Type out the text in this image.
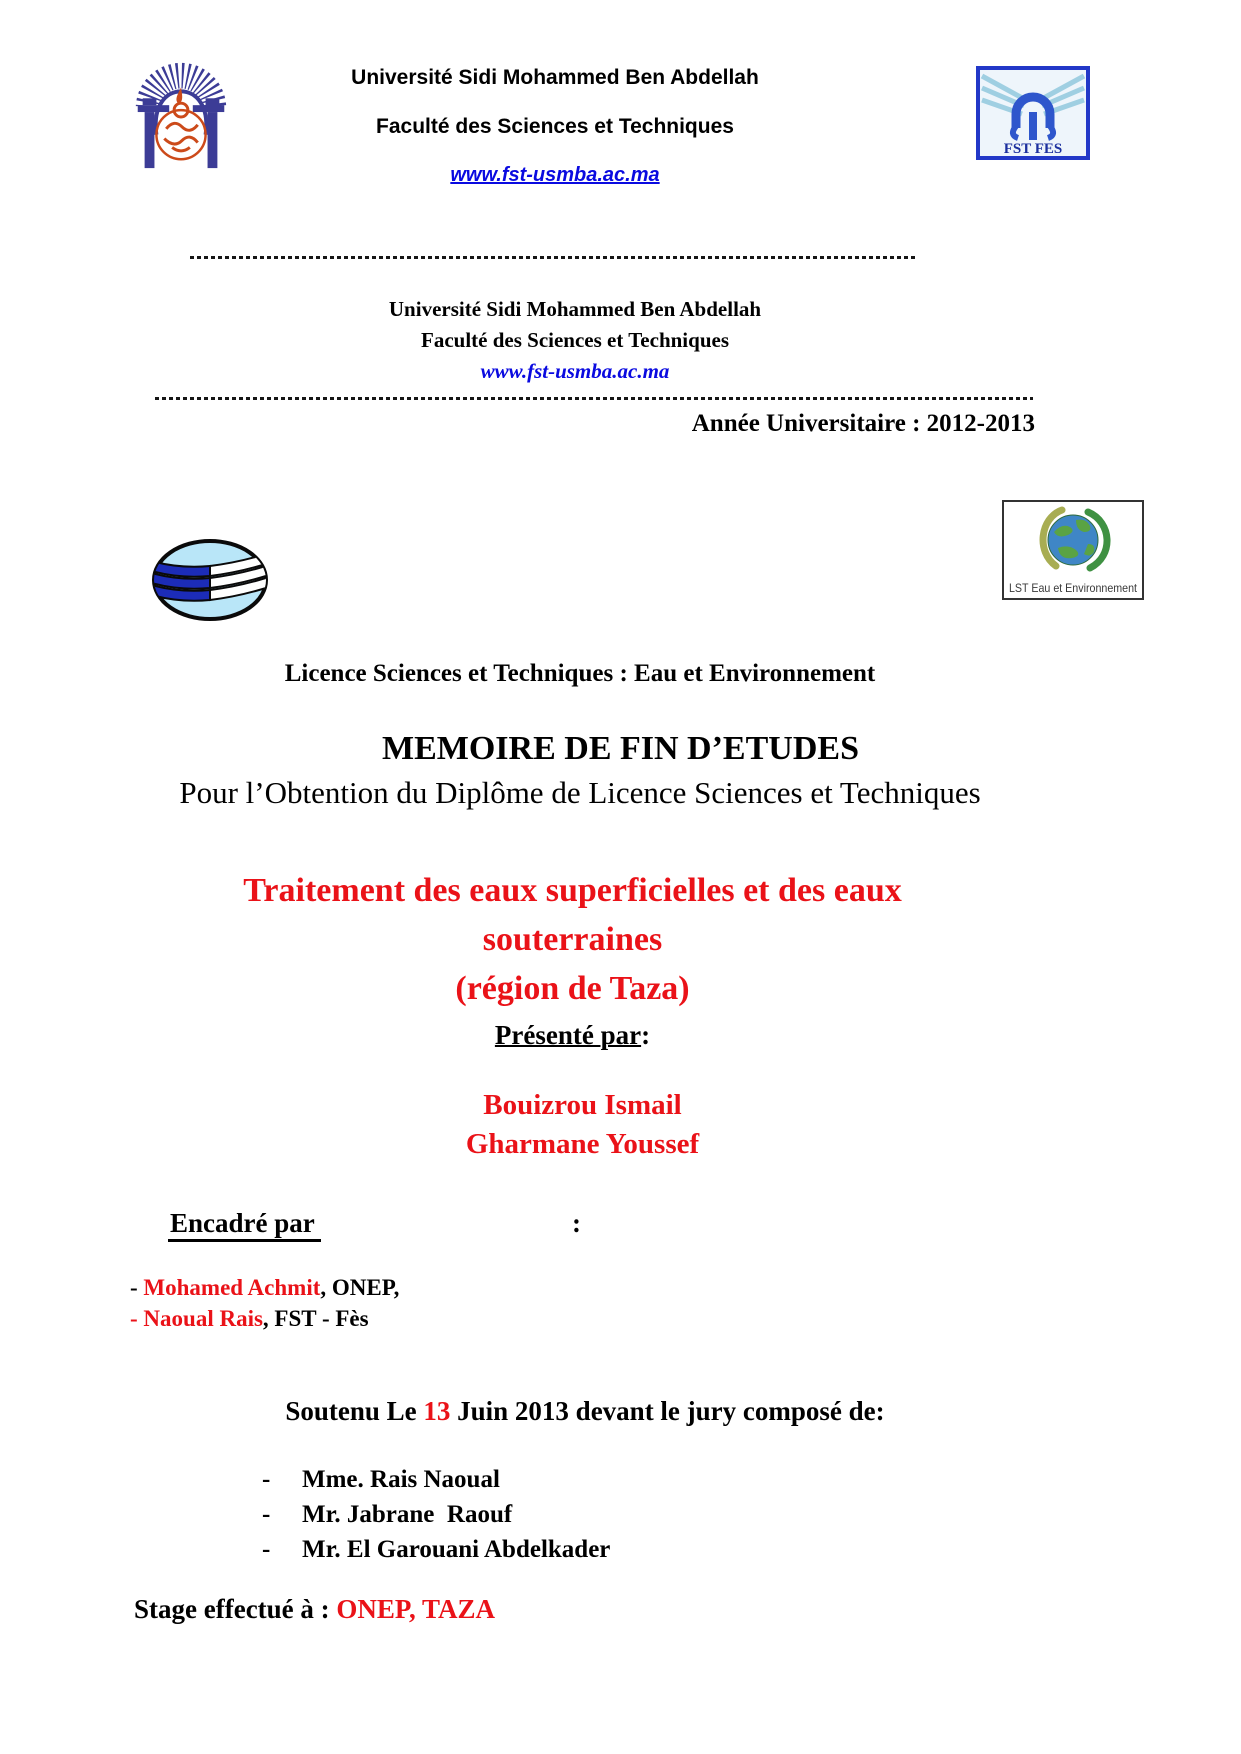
Université Sidi Mohammed Ben Abdellah
Faculté des Sciences et Techniques
www.fst-usmba.ac.ma
FST FES
Université Sidi Mohammed Ben Abdellah
Faculté des Sciences et Techniques
www.fst-usmba.ac.ma
Année Universitaire : 2012-2013
LST Eau et Environnement
Licence Sciences et Techniques : Eau et Environnement
MEMOIRE DE FIN D’ETUDES
Pour l’Obtention du Diplôme de Licence Sciences et Techniques
Traitement des eaux superficielles et des eaux
souterraines
(région de Taza)
Présenté par:
Bouizrou Ismail
Gharmane Youssef
Encadré par	:
- Mohamed Achmit, ONEP,
- Naoual Rais, FST - Fès
Soutenu Le 13 Juin 2013 devant le jury composé de:
-	Mme. Rais Naoual
-	Mr. Jabrane  Raouf
-	Mr. El Garouani Abdelkader
Stage effectué à : ONEP, TAZA
